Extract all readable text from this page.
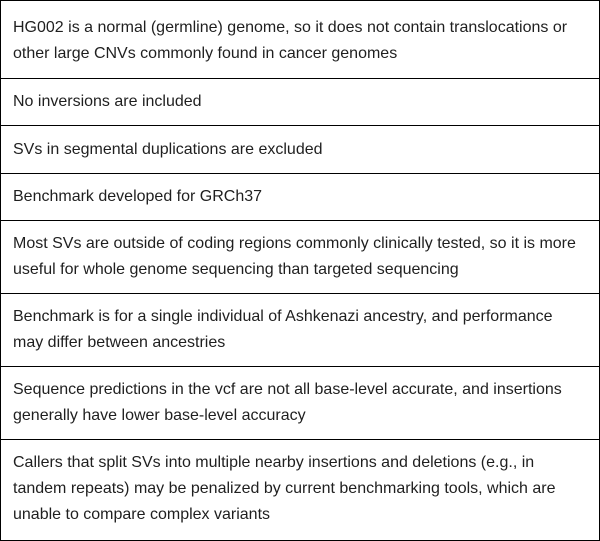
HG002 is a normal (germline) genome, so it does not contain translocations or other large CNVs commonly found in cancer genomes
No inversions are included
SVs in segmental duplications are excluded
Benchmark developed for GRCh37
Most SVs are outside of coding regions commonly clinically tested, so it is more useful for whole genome sequencing than targeted sequencing
Benchmark is for a single individual of Ashkenazi ancestry, and performance may differ between ancestries
Sequence predictions in the vcf are not all base-level accurate, and insertions generally have lower base-level accuracy
Callers that split SVs into multiple nearby insertions and deletions (e.g., in tandem repeats) may be penalized by current benchmarking tools, which are unable to compare complex variants
